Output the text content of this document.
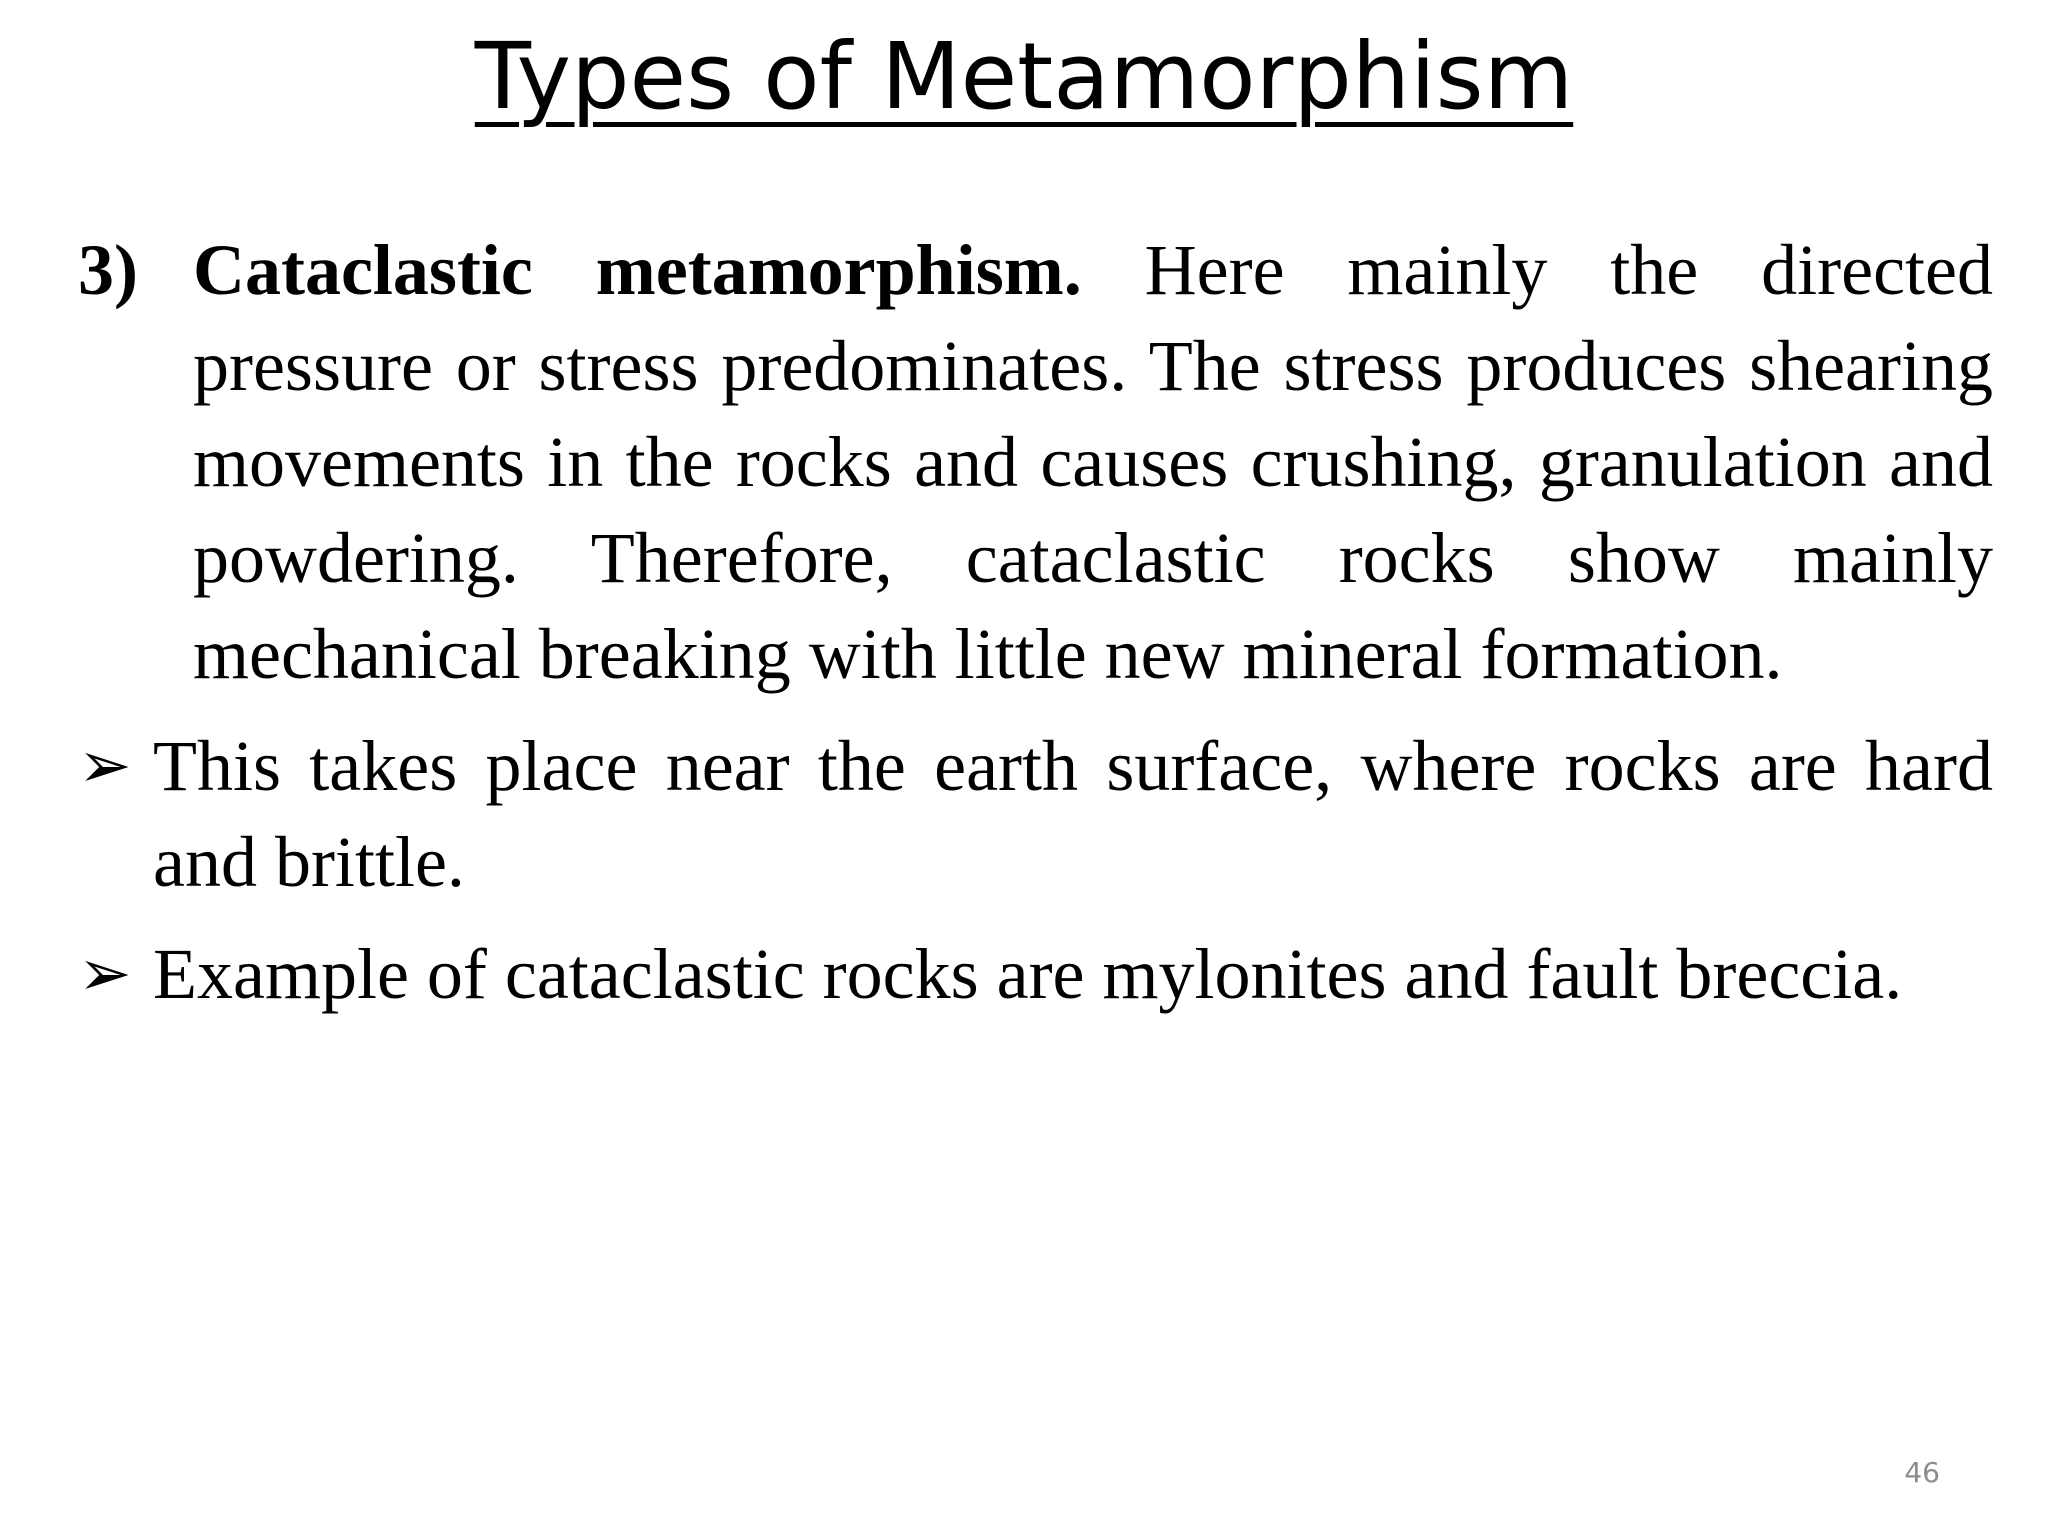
Types of Metamorphism
3) Cataclastic metamorphism. Here mainly the directed pressure or stress predominates. The stress produces shearing movements in the rocks and causes crushing, granulation and powdering. Therefore, cataclastic rocks show mainly mechanical breaking with little new mineral formation.
➢ This takes place near the earth surface, where rocks are hard and brittle.
➢ Example of cataclastic rocks are mylonites and fault breccia.
46
